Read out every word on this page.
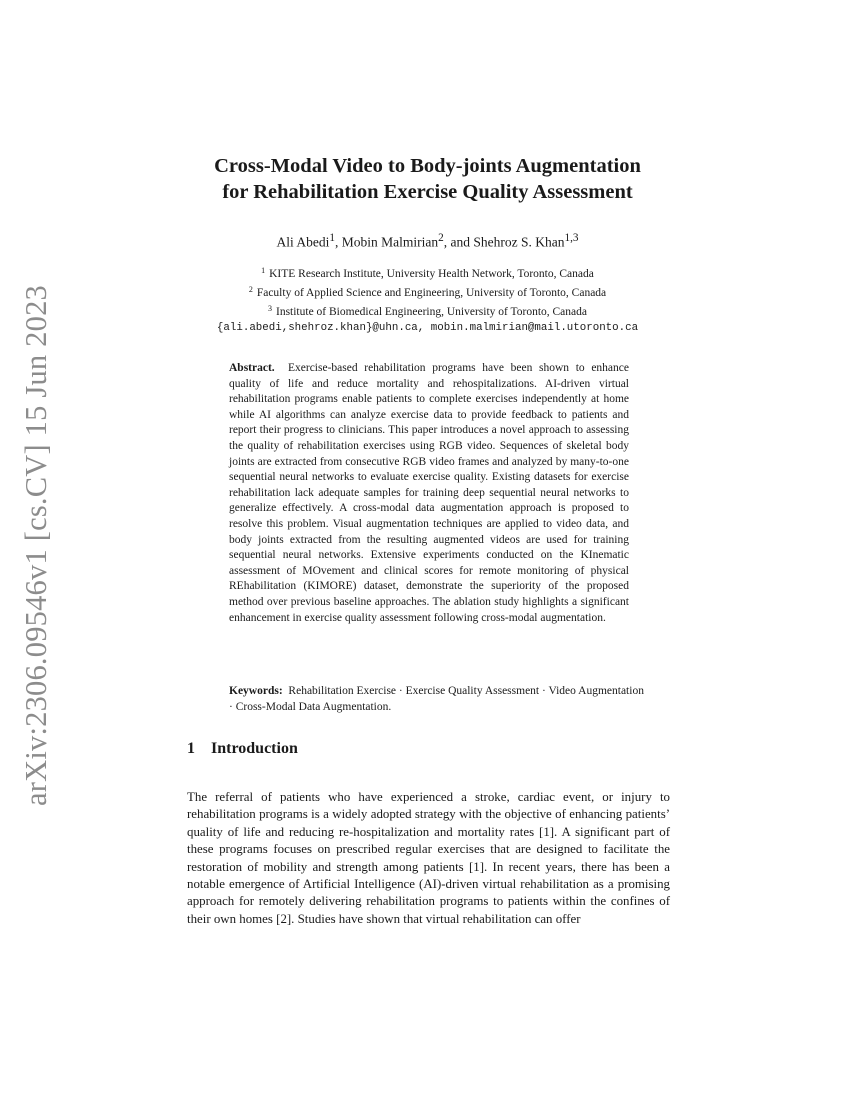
arXiv:2306.09546v1 [cs.CV] 15 Jun 2023
Cross-Modal Video to Body-joints Augmentation
for Rehabilitation Exercise Quality Assessment
Ali Abedi$^1$, Mobin Malmirian$^2$, and Shehroz S. Khan$^{1,3}$
$^1$ KITE Research Institute, University Health Network, Toronto, Canada
$^2$ Faculty of Applied Science and Engineering, University of Toronto, Canada
$^3$ Institute of Biomedical Engineering, University of Toronto, Canada
{ali.abedi,shehroz.khan}@uhn.ca, mobin.malmirian@mail.utoronto.ca
Abstract. Exercise-based rehabilitation programs have been shown to enhance quality of life and reduce mortality and rehospitalizations. AI-driven virtual rehabilitation programs enable patients to complete exercises independently at home while AI algorithms can analyze exercise data to provide feedback to patients and report their progress to clinicians. This paper introduces a novel approach to assessing the quality of rehabilitation exercises using RGB video. Sequences of skeletal body joints are extracted from consecutive RGB video frames and analyzed by many-to-one sequential neural networks to evaluate exercise quality. Existing datasets for exercise rehabilitation lack adequate samples for training deep sequential neural networks to generalize effectively. A cross-modal data augmentation approach is proposed to resolve this problem. Visual augmentation techniques are applied to video data, and body joints extracted from the resulting augmented videos are used for training sequential neural networks. Extensive experiments conducted on the KInematic assessment of MOvement and clinical scores for remote monitoring of physical REhabilitation (KIMORE) dataset, demonstrate the superiority of the proposed method over previous baseline approaches. The ablation study highlights a significant enhancement in exercise quality assessment following cross-modal augmentation.
Keywords: Rehabilitation Exercise · Exercise Quality Assessment · Video Augmentation · Cross-Modal Data Augmentation.
1 Introduction

The referral of patients who have experienced a stroke, cardiac event, or injury to rehabilitation programs is a widely adopted strategy with the objective of enhancing patients’ quality of life and reducing re-hospitalization and mortality rates [1]. A significant part of these programs focuses on prescribed regular exercises that are designed to facilitate the restoration of mobility and strength among patients [1]. In recent years, there has been a notable emergence of Artificial Intelligence (AI)-driven virtual rehabilitation as a promising approach for remotely delivering rehabilitation programs to patients within the confines of their own homes [2]. Studies have shown that virtual rehabilitation can offer
